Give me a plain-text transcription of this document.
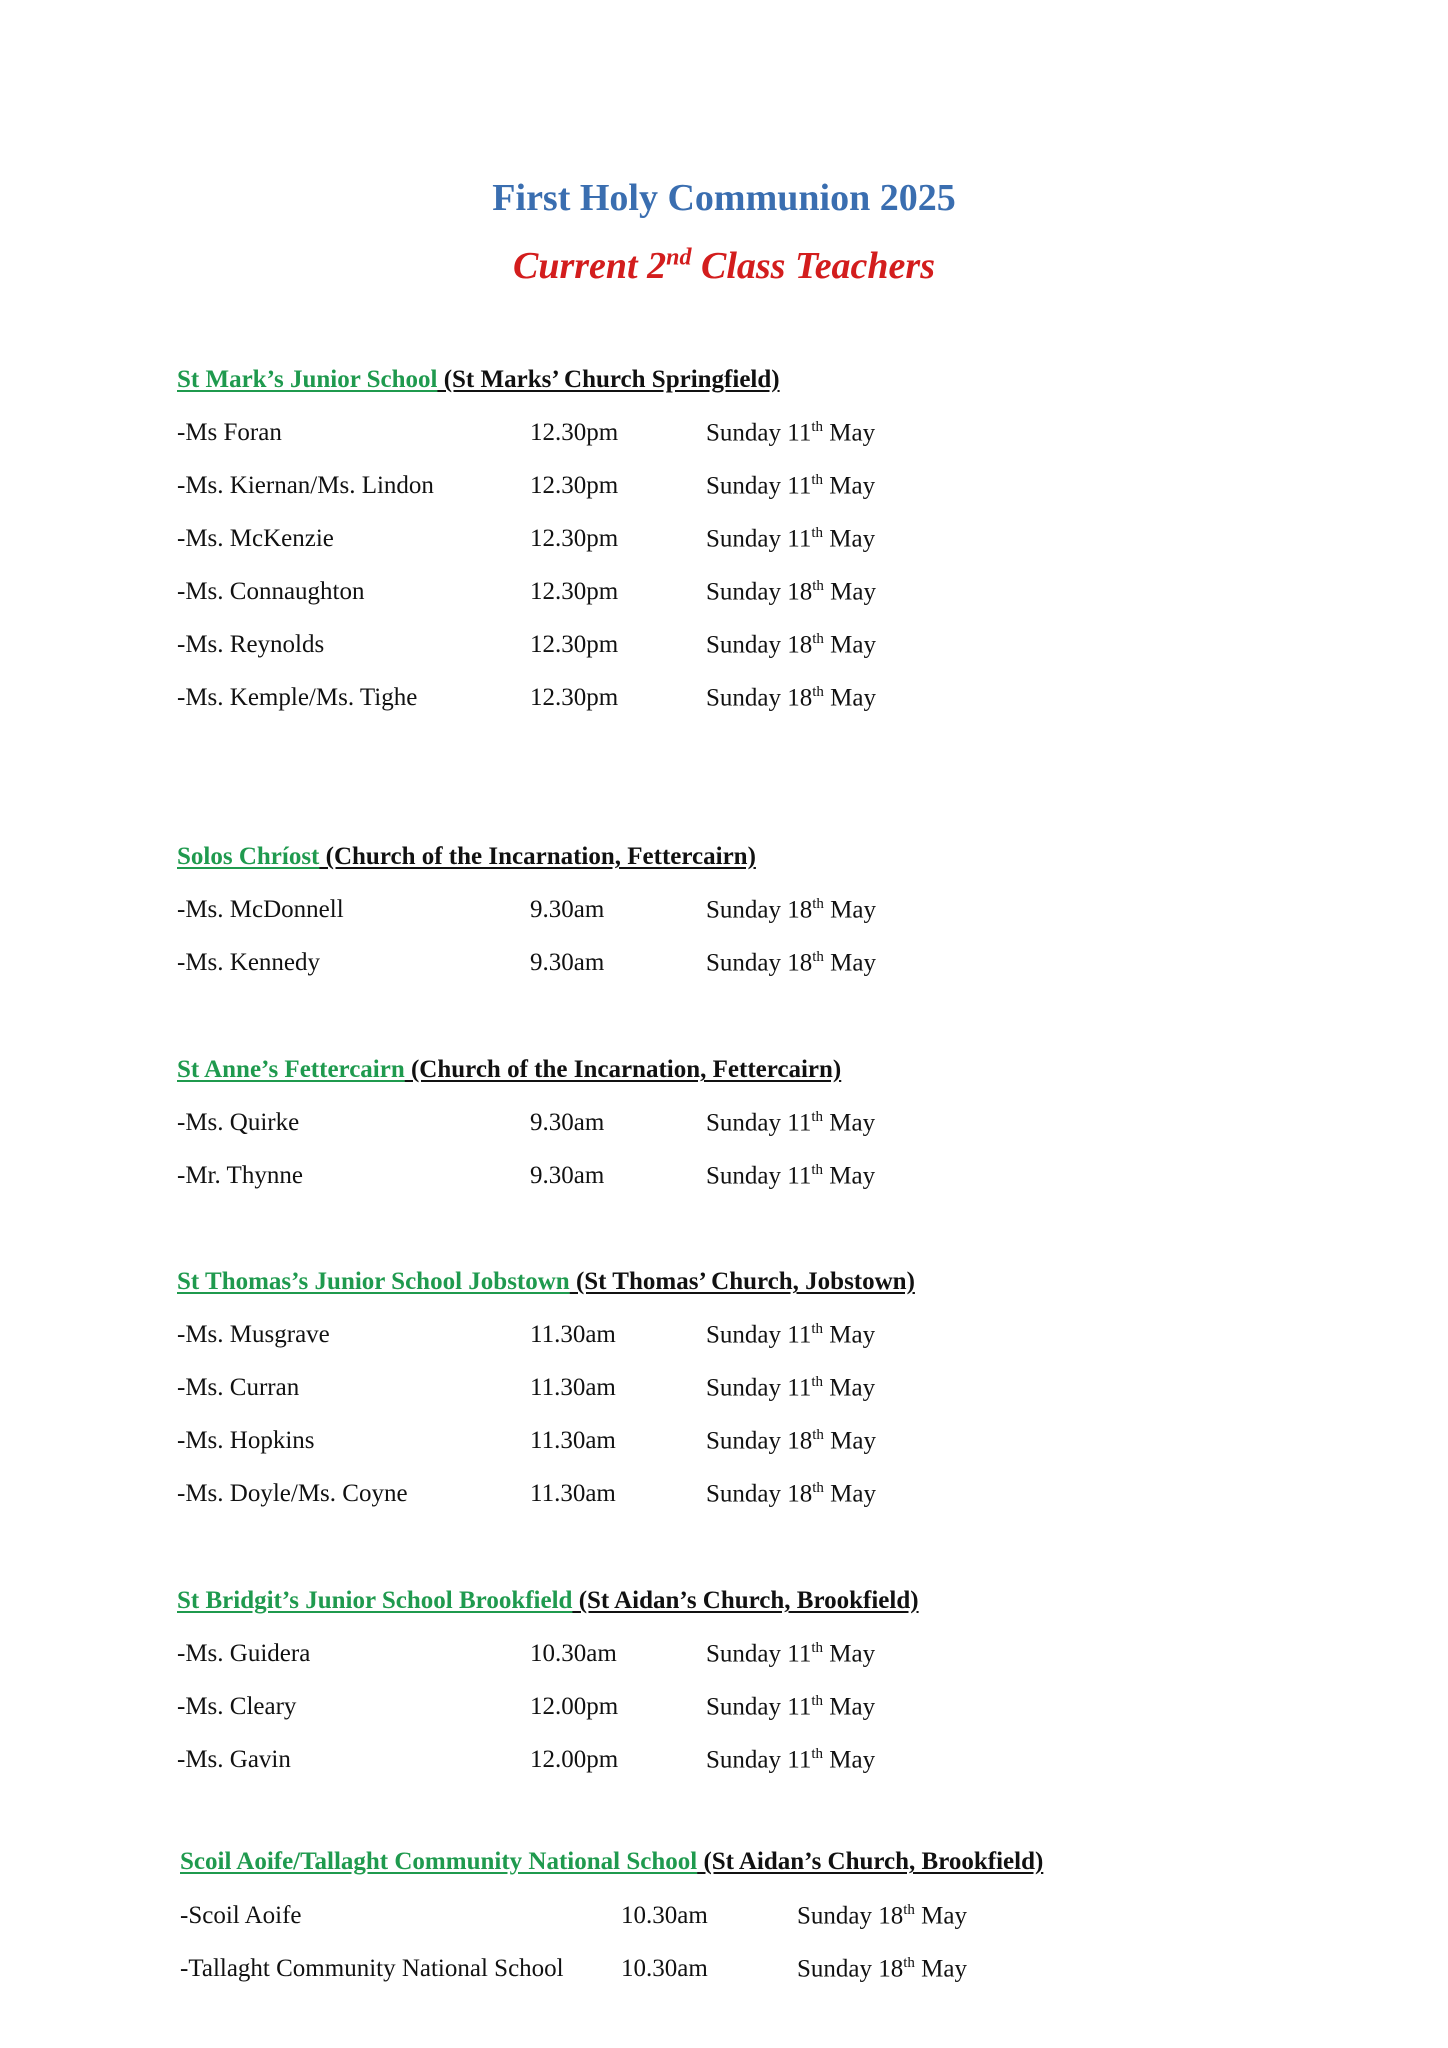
First Holy Communion 2025
Current 2nd Class Teachers
St Mark’s Junior School (St Marks’ Church Springfield)
-Ms Foran	12.30pm	Sunday 11th May
-Ms. Kiernan/Ms. Lindon	12.30pm	Sunday 11th May
-Ms. McKenzie	12.30pm	Sunday 11th May
-Ms. Connaughton	12.30pm	Sunday 18th May
-Ms. Reynolds	12.30pm	Sunday 18th May
-Ms. Kemple/Ms. Tighe	12.30pm	Sunday 18th May
Solos Chríost (Church of the Incarnation, Fettercairn)
-Ms. McDonnell	9.30am	Sunday 18th May
-Ms. Kennedy	9.30am	Sunday 18th May
St Anne’s Fettercairn (Church of the Incarnation, Fettercairn)
-Ms. Quirke	9.30am	Sunday 11th May
-Mr. Thynne	9.30am	Sunday 11th May
St Thomas’s Junior School Jobstown (St Thomas’ Church, Jobstown)
-Ms. Musgrave	11.30am	Sunday 11th May
-Ms. Curran	11.30am	Sunday 11th May
-Ms. Hopkins	11.30am	Sunday 18th May
-Ms. Doyle/Ms. Coyne	11.30am	Sunday 18th May
St Bridgit’s Junior School Brookfield (St Aidan’s Church, Brookfield)
-Ms. Guidera	10.30am	Sunday 11th May
-Ms. Cleary	12.00pm	Sunday 11th May
-Ms. Gavin	12.00pm	Sunday 11th May
Scoil Aoife/Tallaght Community National School (St Aidan’s Church, Brookfield)
-Scoil Aoife	10.30am	Sunday 18th May
-Tallaght Community National School 10.30am	Sunday 18th May
